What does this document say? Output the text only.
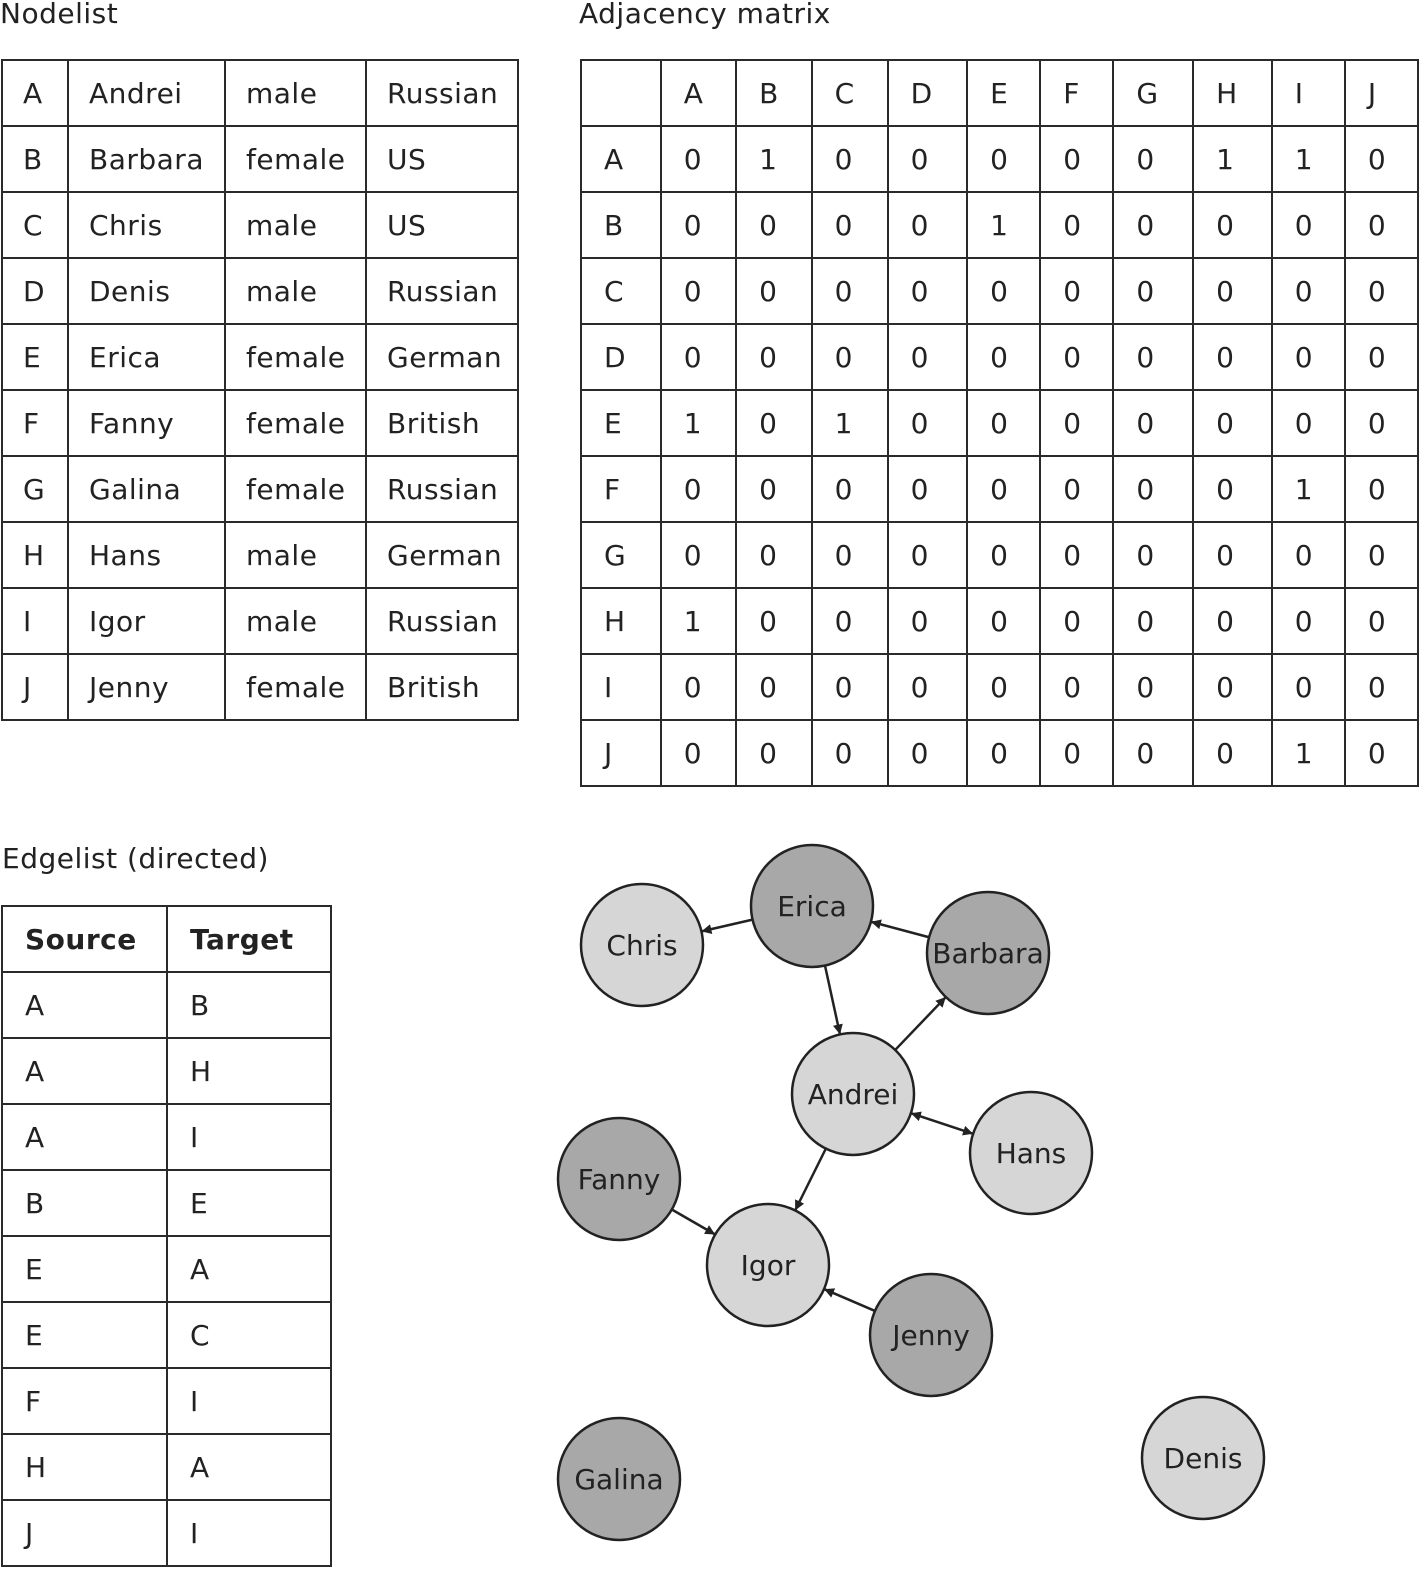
Nodelist	Adjacency matrix
Edgelist (directed)
A	Andrei	male	Russian
B	Barbara	female	US
C	Chris	male	US
D	Denis	male	Russian
E	Erica	female	German
F	Fanny	female	British
G	Galina	female	Russian
H	Hans	male	German
I	Igor	male	Russian
J	Jenny	female	British
	A	B	C	D	E	F	G	H	I	J
A	0	1	0	0	0	0	0	1	1	0
B	0	0	0	0	1	0	0	0	0	0
C	0	0	0	0	0	0	0	0	0	0
D	0	0	0	0	0	0	0	0	0	0
E	1	0	1	0	0	0	0	0	0	0
F	0	0	0	0	0	0	0	0	1	0
G	0	0	0	0	0	0	0	0	0	0
H	1	0	0	0	0	0	0	0	0	0
I	0	0	0	0	0	0	0	0	0	0
J	0	0	0	0	0	0	0	0	1	0
Source	Target
A	B
A	H
A	I
B	E
E	A
E	C
F	I
H	A
J	I
Andrei
Barbara
Chris
Denis
Erica
Fanny
Galina
Hans
Igor
Jenny
